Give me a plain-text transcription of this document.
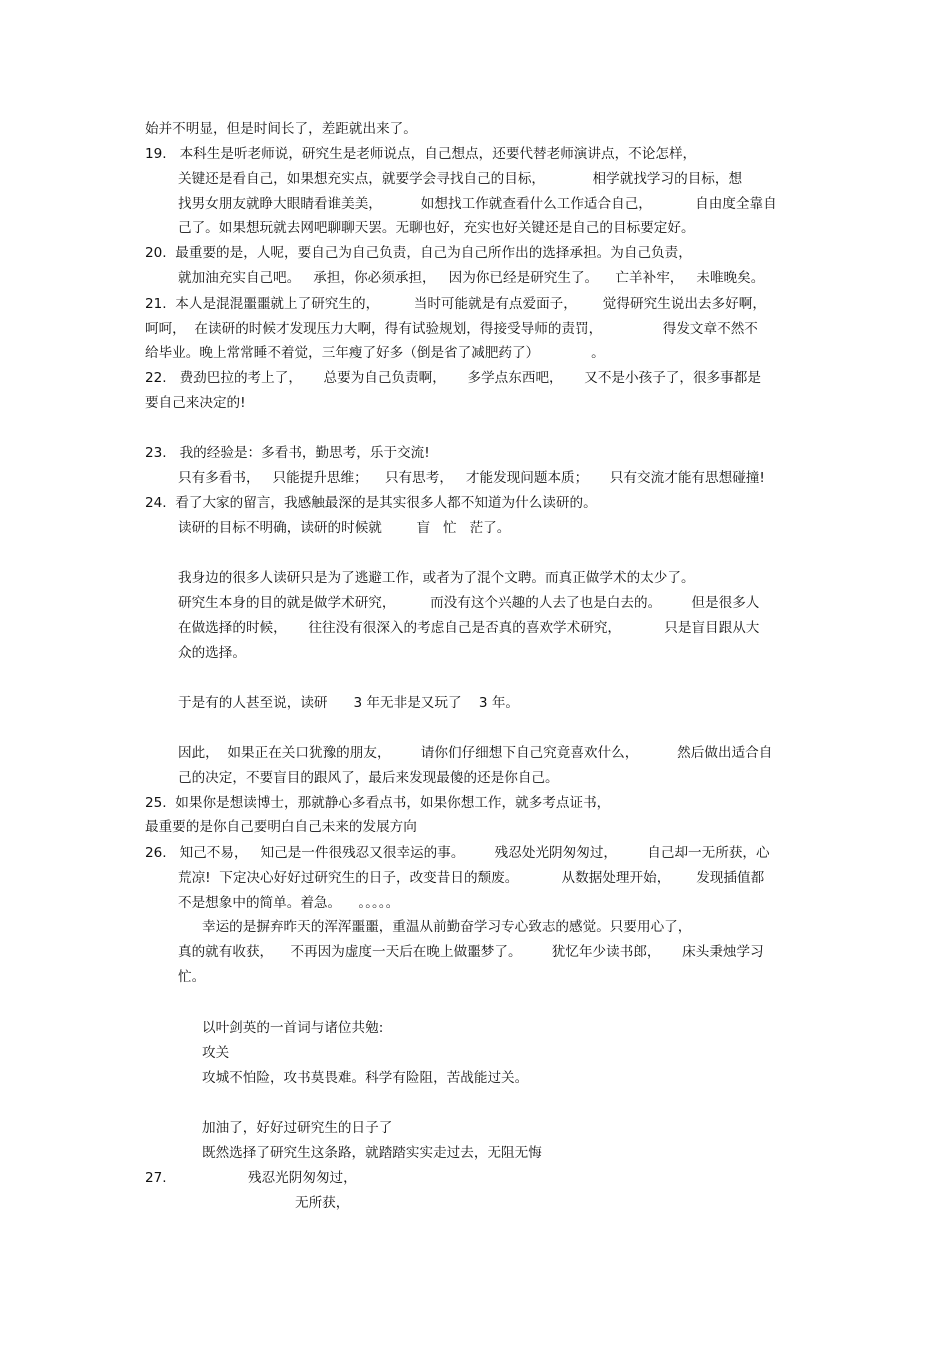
始并不明显，但是时间长了，差距就出来了。
19.   本科生是听老师说，研究生是老师说点，自己想点，还要代替老师演讲点，不论怎样，
关键还是看自己，如果想充实点，就要学会寻找自己的目标，           相学就找学习的目标，想
找男女朋友就睁大眼睛看谁美美，         如想找工作就查看什么工作适合自己，          自由度全靠自
己了。如果想玩就去网吧聊聊天罢。无聊也好，充实也好关键还是自己的目标要定好。
20.  最重要的是，人呢，要自己为自己负责，自己为自己所作出的选择承担。为自己负责，
就加油充实自己吧。   承担，你必须承担，   因为你已经是研究生了。    亡羊补牢，   未唯晚矣。
21.  本人是混混噩噩就上了研究生的，        当时可能就是有点爱面子，      觉得研究生说出去多好啊，
呵呵，  在读研的时候才发现压力大啊，得有试验规划，得接受导师的责罚，              得发文章不然不
给毕业。晚上常常睡不着觉，三年瘦了好多（倒是省了减肥药了）            。
22.   费劲巴拉的考上了，     总要为自己负责啊，     多学点东西吧，     又不是小孩子了，很多事都是
要自己来决定的!
23.   我的经验是：多看书，勤思考，乐于交流!
只有多看书，   只能提升思维；    只有思考，   才能发现问题本质；     只有交流才能有思想碰撞!
24.  看了大家的留言，我感触最深的是其实很多人都不知道为什么读研的。
读研的目标不明确，读研的时候就        盲   忙   茫了。
我身边的很多人读研只是为了逃避工作，或者为了混个文聘。而真正做学术的太少了。
研究生本身的目的就是做学术研究，        而没有这个兴趣的人去了也是白去的。       但是很多人
在做选择的时候，     往往没有很深入的考虑自己是否真的喜欢学术研究，          只是盲目跟从大
众的选择。
于是有的人甚至说，读研      3 年无非是又玩了    3 年。
因此，  如果正在关口犹豫的朋友，       请你们仔细想下自己究竟喜欢什么，         然后做出适合自
己的决定，不要盲目的跟风了，最后来发现最傻的还是你自己。
25.  如果你是想读博士，那就静心多看点书，如果你想工作，就多考点证书，
最重要的是你自己要明白自己未来的发展方向
26.   知己不易，   知己是一件很残忍又很幸运的事。       残忍处光阴匆匆过，       自己却一无所获，心
荒凉!  下定决心好好过研究生的日子，改变昔日的颓废。          从数据处理开始，      发现插值都
不是想象中的简单。着急。    。。。。。
幸运的是摒弃昨天的浑浑噩噩，重温从前勤奋学习专心致志的感觉。只要用心了，
真的就有收获，    不再因为虚度一天后在晚上做噩梦了。       犹忆年少读书郎，     床头秉烛学习
忙。
以叶剑英的一首词与诸位共勉:
攻关
攻城不怕险，攻书莫畏难。科学有险阻，苦战能过关。
加油了，好好过研究生的日子了
既然选择了研究生这条路，就踏踏实实走过去，无阻无悔
27.	残忍光阴匆匆过，
无所获，
